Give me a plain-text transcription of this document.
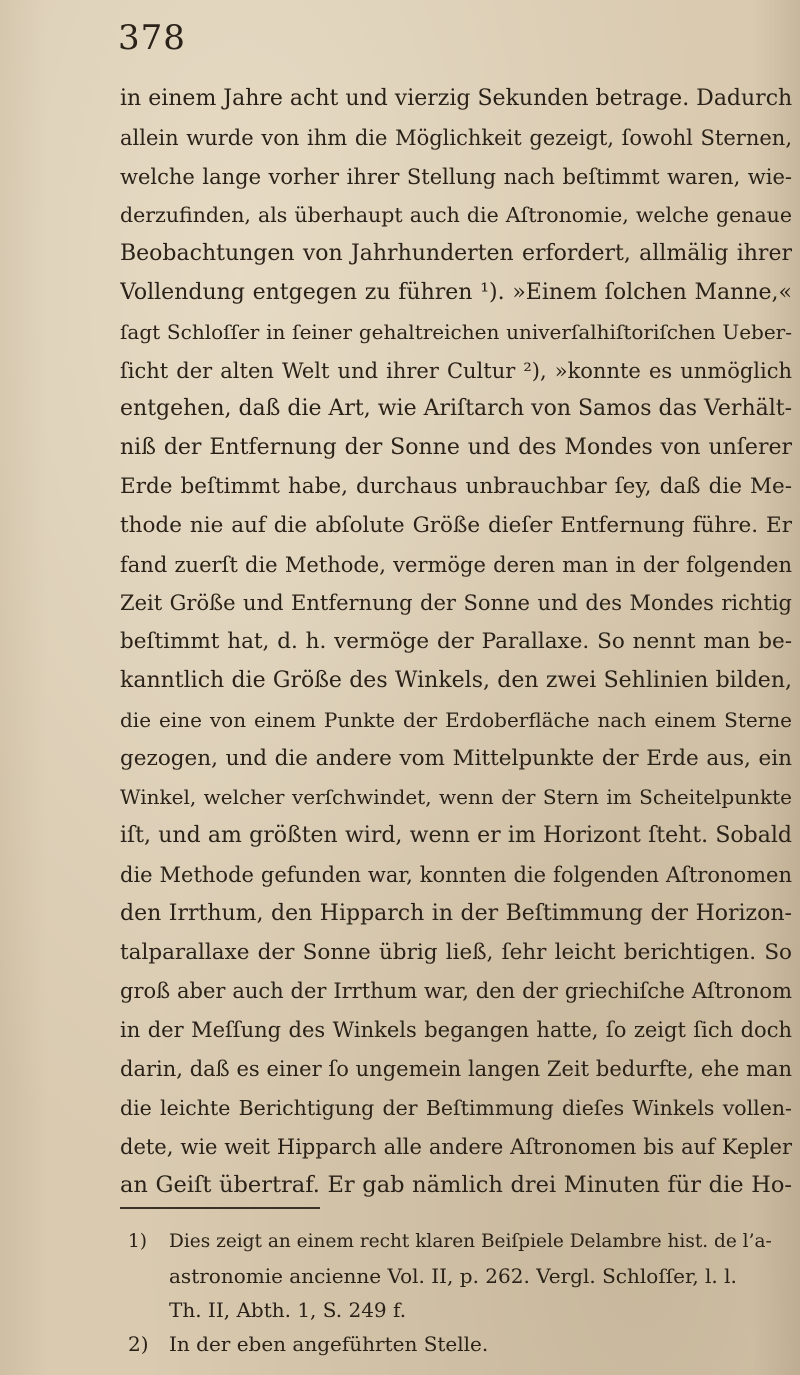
378
in einem Jahre acht und vierzig Sekunden betrage. Dadurch
allein wurde von ihm die Möglichkeit gezeigt, ſowohl Sternen,
welche lange vorher ihrer Stellung nach beſtimmt waren, wie-
derzufinden, als überhaupt auch die Aſtronomie, welche genaue
Beobachtungen von Jahrhunderten erfordert, allmälig ihrer
Vollendung entgegen zu führen ¹). »Einem ſolchen Manne,«
ſagt Schloſſer in ſeiner gehaltreichen univerſalhiſtoriſchen Ueber-
ſicht der alten Welt und ihrer Cultur ²), »konnte es unmöglich
entgehen, daß die Art, wie Ariſtarch von Samos das Verhält-
niß der Entfernung der Sonne und des Mondes von unſerer
Erde beſtimmt habe, durchaus unbrauchbar ſey, daß die Me-
thode nie auf die abſolute Größe dieſer Entfernung führe. Er
fand zuerſt die Methode, vermöge deren man in der folgenden
Zeit Größe und Entfernung der Sonne und des Mondes richtig
beſtimmt hat, d. h. vermöge der Parallaxe. So nennt man be-
kanntlich die Größe des Winkels, den zwei Sehlinien bilden,
die eine von einem Punkte der Erdoberfläche nach einem Sterne
gezogen, und die andere vom Mittelpunkte der Erde aus, ein
Winkel, welcher verſchwindet, wenn der Stern im Scheitelpunkte
iſt, und am größten wird, wenn er im Horizont ſteht. Sobald
die Methode gefunden war, konnten die folgenden Aſtronomen
den Irrthum, den Hipparch in der Beſtimmung der Horizon-
talparallaxe der Sonne übrig ließ, ſehr leicht berichtigen. So
groß aber auch der Irrthum war, den der griechiſche Aſtronom
in der Meſſung des Winkels begangen hatte, ſo zeigt ſich doch
darin, daß es einer ſo ungemein langen Zeit bedurfte, ehe man
die leichte Berichtigung der Beſtimmung dieſes Winkels vollen-
dete, wie weit Hipparch alle andere Aſtronomen bis auf Kepler
an Geiſt übertraf. Er gab nämlich drei Minuten für die Ho-
1) Dies zeigt an einem recht klaren Beiſpiele Delambre hist. de l’a-
astronomie ancienne Vol. II, p. 262. Vergl. Schloſſer, l. l.
Th. II, Abth. 1, S. 249 f.
2) In der eben angeführten Stelle.
